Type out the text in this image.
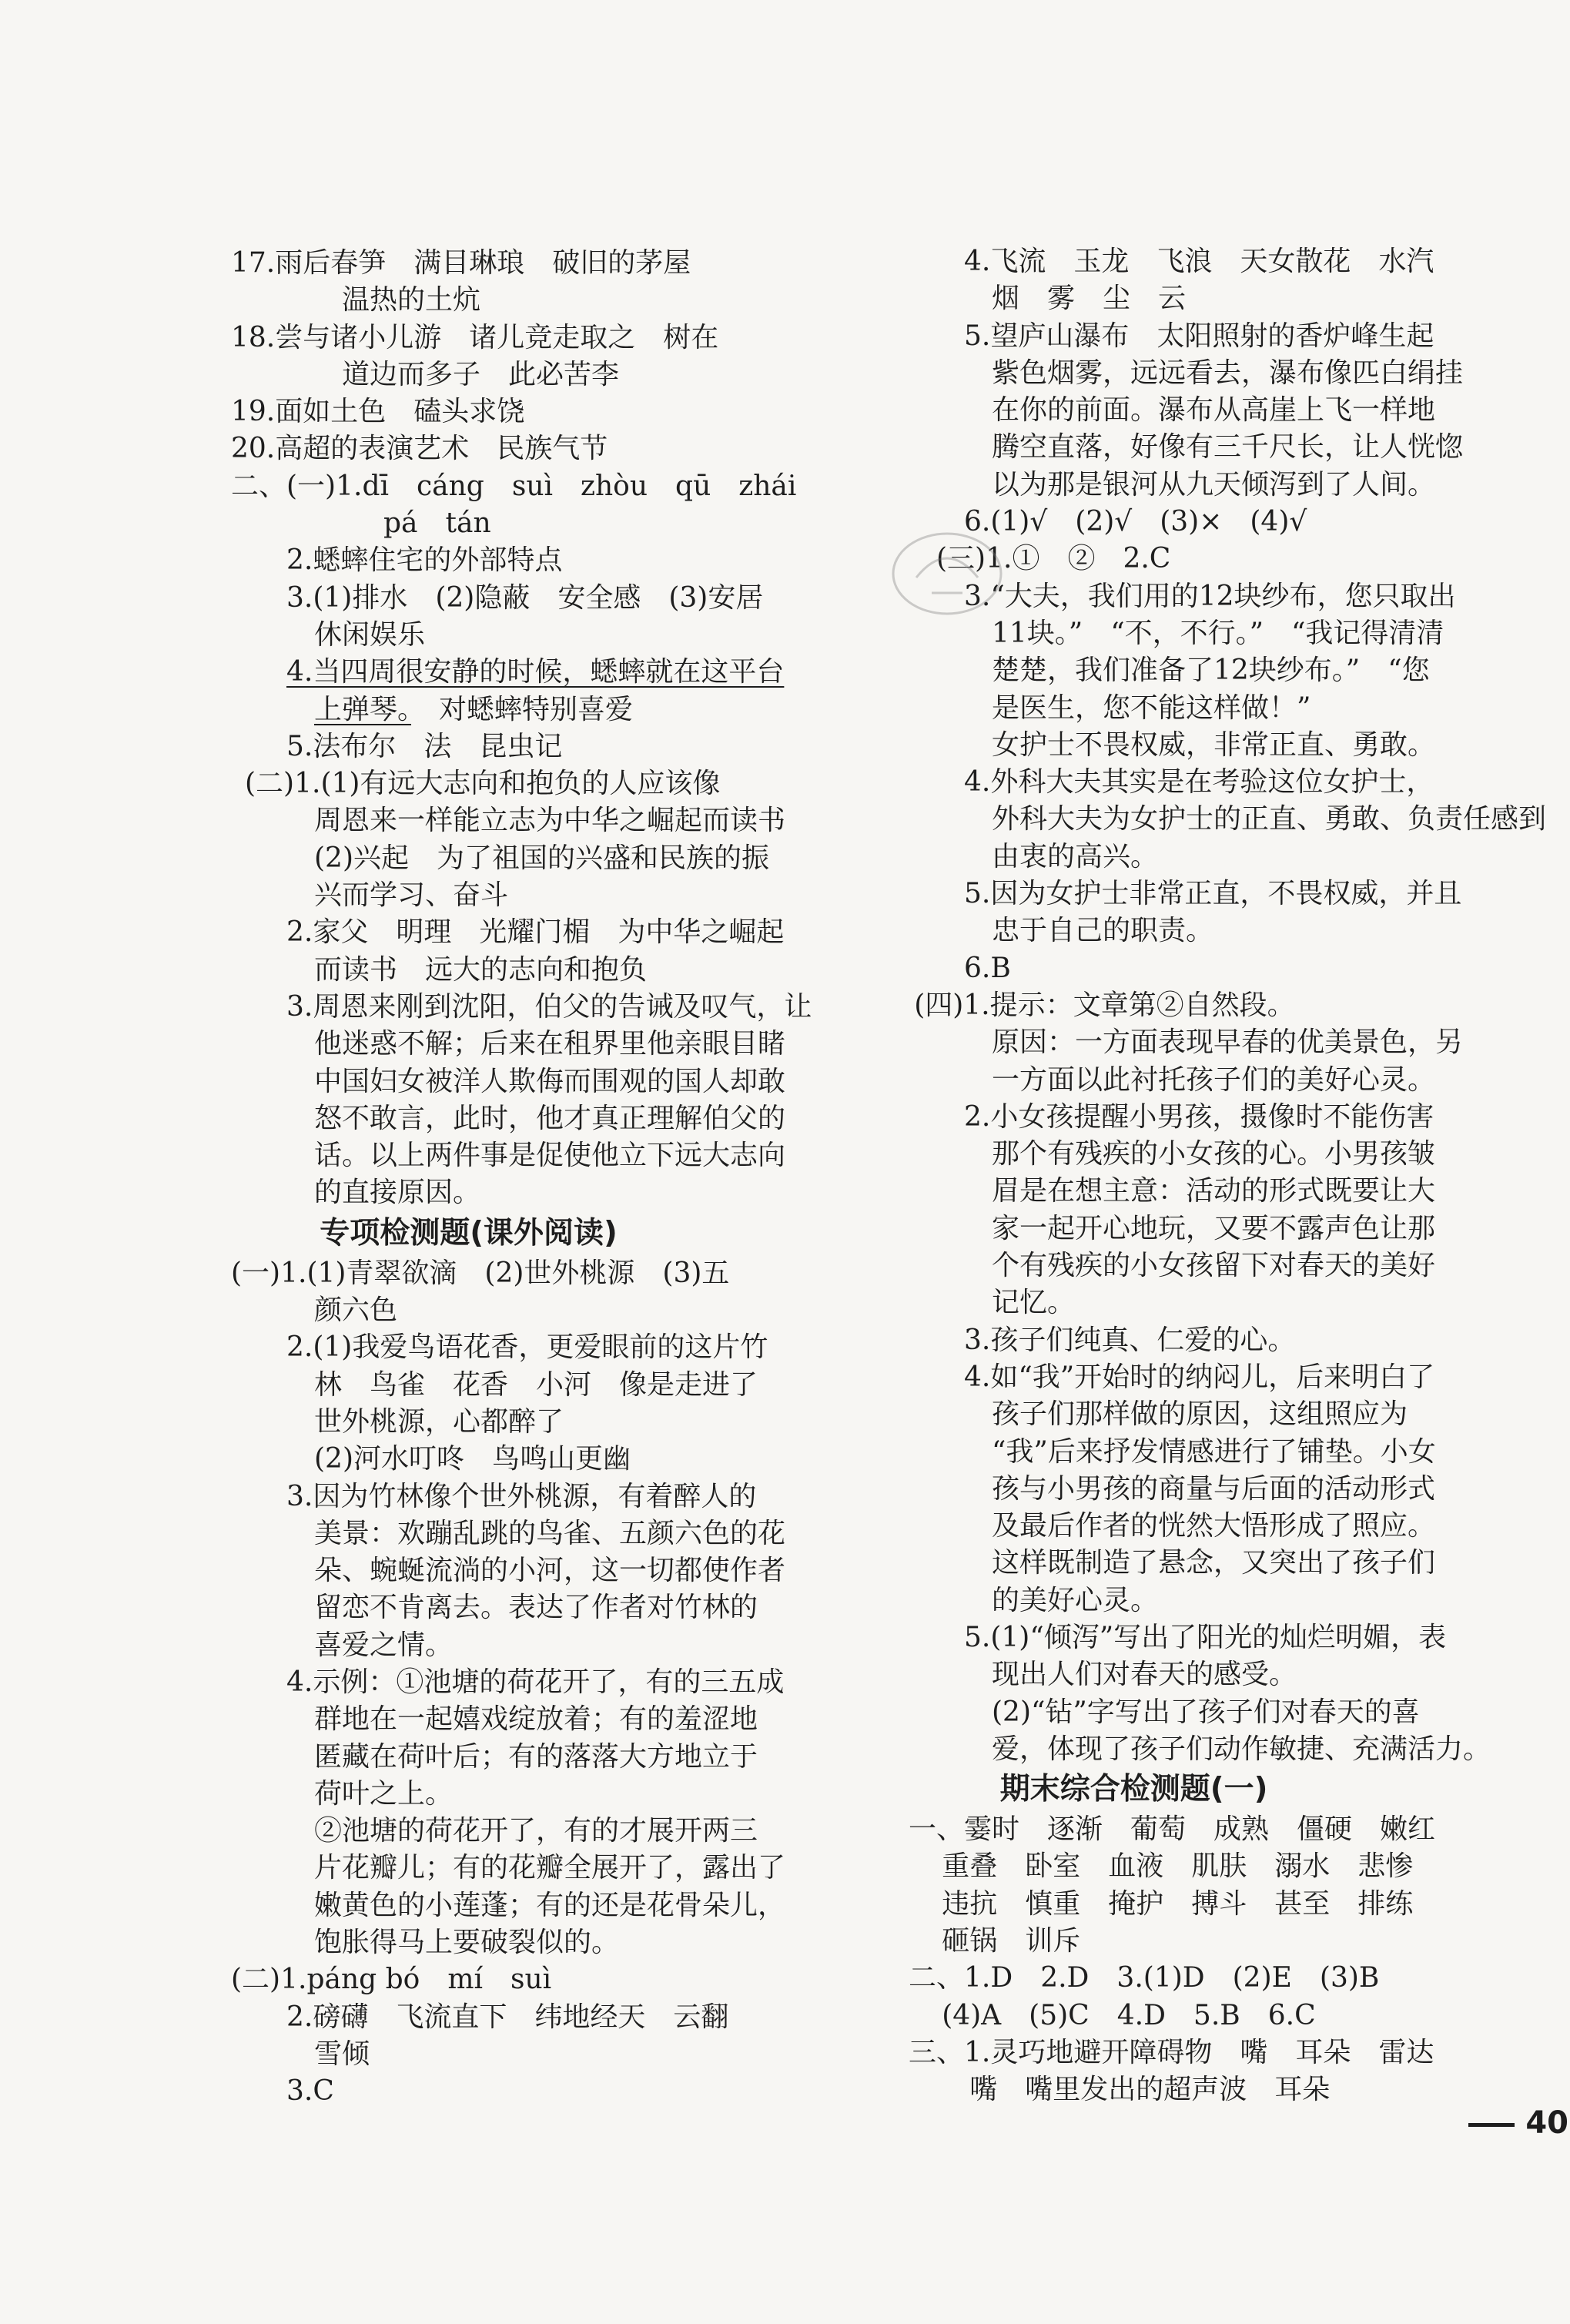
17.雨后春笋　满目琳琅　破旧的茅屋
温热的土炕
18.尝与诸小儿游　诸儿竞走取之　树在
道边而多子　此必苦李
19.面如土色　磕头求饶
20.高超的表演艺术　民族气节
二、(一)1.dī　cáng　suì　zhòu　qū　zhái
pá　tán
2.蟋蟀住宅的外部特点
3.(1)排水　(2)隐蔽　安全感　(3)安居
休闲娱乐
4.当四周很安静的时候，蟋蟀就在这平台
上弹琴。　对蟋蟀特别喜爱
5.法布尔　法　昆虫记
(二)1.(1)有远大志向和抱负的人应该像
周恩来一样能立志为中华之崛起而读书
(2)兴起　为了祖国的兴盛和民族的振
兴而学习、奋斗
2.家父　明理　光耀门楣　为中华之崛起
而读书　远大的志向和抱负
3.周恩来刚到沈阳，伯父的告诫及叹气，让
他迷惑不解；后来在租界里他亲眼目睹
中国妇女被洋人欺侮而围观的国人却敢
怒不敢言，此时，他才真正理解伯父的
话。以上两件事是促使他立下远大志向
的直接原因。
专项检测题(课外阅读)
(一)1.(1)青翠欲滴　(2)世外桃源　(3)五
颜六色
2.(1)我爱鸟语花香，更爱眼前的这片竹
林　鸟雀　花香　小河　像是走进了
世外桃源，心都醉了
(2)河水叮咚　鸟鸣山更幽
3.因为竹林像个世外桃源，有着醉人的
美景：欢蹦乱跳的鸟雀、五颜六色的花
朵、蜿蜒流淌的小河，这一切都使作者
留恋不肯离去。表达了作者对竹林的
喜爱之情。
4.示例：①池塘的荷花开了，有的三五成
群地在一起嬉戏绽放着；有的羞涩地
匿藏在荷叶后；有的落落大方地立于
荷叶之上。
②池塘的荷花开了，有的才展开两三
片花瓣儿；有的花瓣全展开了，露出了
嫩黄色的小莲蓬；有的还是花骨朵儿，
饱胀得马上要破裂似的。
(二)1.páng bó　mí　suì
2.磅礴　飞流直下　纬地经天　云翻
雪倾
3.C
4.飞流　玉龙　飞浪　天女散花　水汽
烟　雾　尘　云
5.望庐山瀑布　太阳照射的香炉峰生起
紫色烟雾，远远看去，瀑布像匹白绢挂
在你的前面。瀑布从高崖上飞一样地
腾空直落，好像有三千尺长，让人恍惚
以为那是银河从九天倾泻到了人间。
6.(1)√　(2)√　(3)×　(4)√
(三)1.①　②　2.C
3.“大夫，我们用的12块纱布，您只取出
11块。”　“不，不行。”　“我记得清清
楚楚，我们准备了12块纱布。”　“您
是医生，您不能这样做！”
女护士不畏权威，非常正直、勇敢。
4.外科大夫其实是在考验这位女护士，
外科大夫为女护士的正直、勇敢、负责任感到
由衷的高兴。
5.因为女护士非常正直，不畏权威，并且
忠于自己的职责。
6.B
(四)1.提示：文章第②自然段。
原因：一方面表现早春的优美景色，另
一方面以此衬托孩子们的美好心灵。
2.小女孩提醒小男孩，摄像时不能伤害
那个有残疾的小女孩的心。小男孩皱
眉是在想主意：活动的形式既要让大
家一起开心地玩，又要不露声色让那
个有残疾的小女孩留下对春天的美好
记忆。
3.孩子们纯真、仁爱的心。
4.如“我”开始时的纳闷儿，后来明白了
孩子们那样做的原因，这组照应为
“我”后来抒发情感进行了铺垫。小女
孩与小男孩的商量与后面的活动形式
及最后作者的恍然大悟形成了照应。
这样既制造了悬念，又突出了孩子们
的美好心灵。
5.(1)“倾泻”写出了阳光的灿烂明媚，表
现出人们对春天的感受。
(2)“钻”字写出了孩子们对春天的喜
爱，体现了孩子们动作敏捷、充满活力。
期末综合检测题(一)
一、霎时　逐渐　葡萄　成熟　僵硬　嫩红
重叠　卧室　血液　肌肤　溺水　悲惨
违抗　慎重　掩护　搏斗　甚至　排练
砸锅　训斥
二、1.D　2.D　3.(1)D　(2)E　(3)B
(4)A　(5)C　4.D　5.B　6.C
三、1.灵巧地避开障碍物　嘴　耳朵　雷达
嘴　嘴里发出的超声波　耳朵
40
